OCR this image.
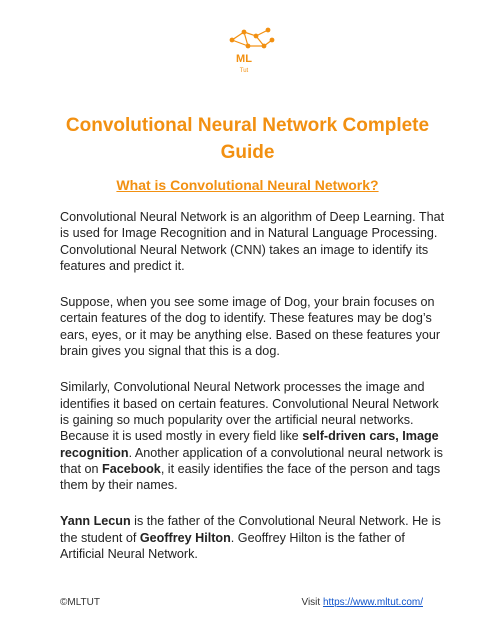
ML
Tut
Convolutional Neural Network Complete Guide
What is Convolutional Neural Network?

Convolutional Neural Network is an algorithm of Deep Learning. That is used for Image Recognition and in Natural Language Processing. Convolutional Neural Network (CNN) takes an image to identify its features and predict it.

Suppose, when you see some image of Dog, your brain focuses on certain features of the dog to identify. These features may be dog’s ears, eyes, or it may be anything else. Based on these features your brain gives you signal that this is a dog.

Similarly, Convolutional Neural Network processes the image and identifies it based on certain features. Convolutional Neural Network is gaining so much popularity over the artificial neural networks. Because it is used mostly in every field like self-driven cars, Image recognition. Another application of a convolutional neural network is that on Facebook, it easily identifies the face of the person and tags them by their names.

Yann Lecun is the father of the Convolutional Neural Network. He is the student of Geoffrey Hilton. Geoffrey Hilton is the father of Artificial Neural Network.

©MLTUT	Visit https://www.mltut.com/
